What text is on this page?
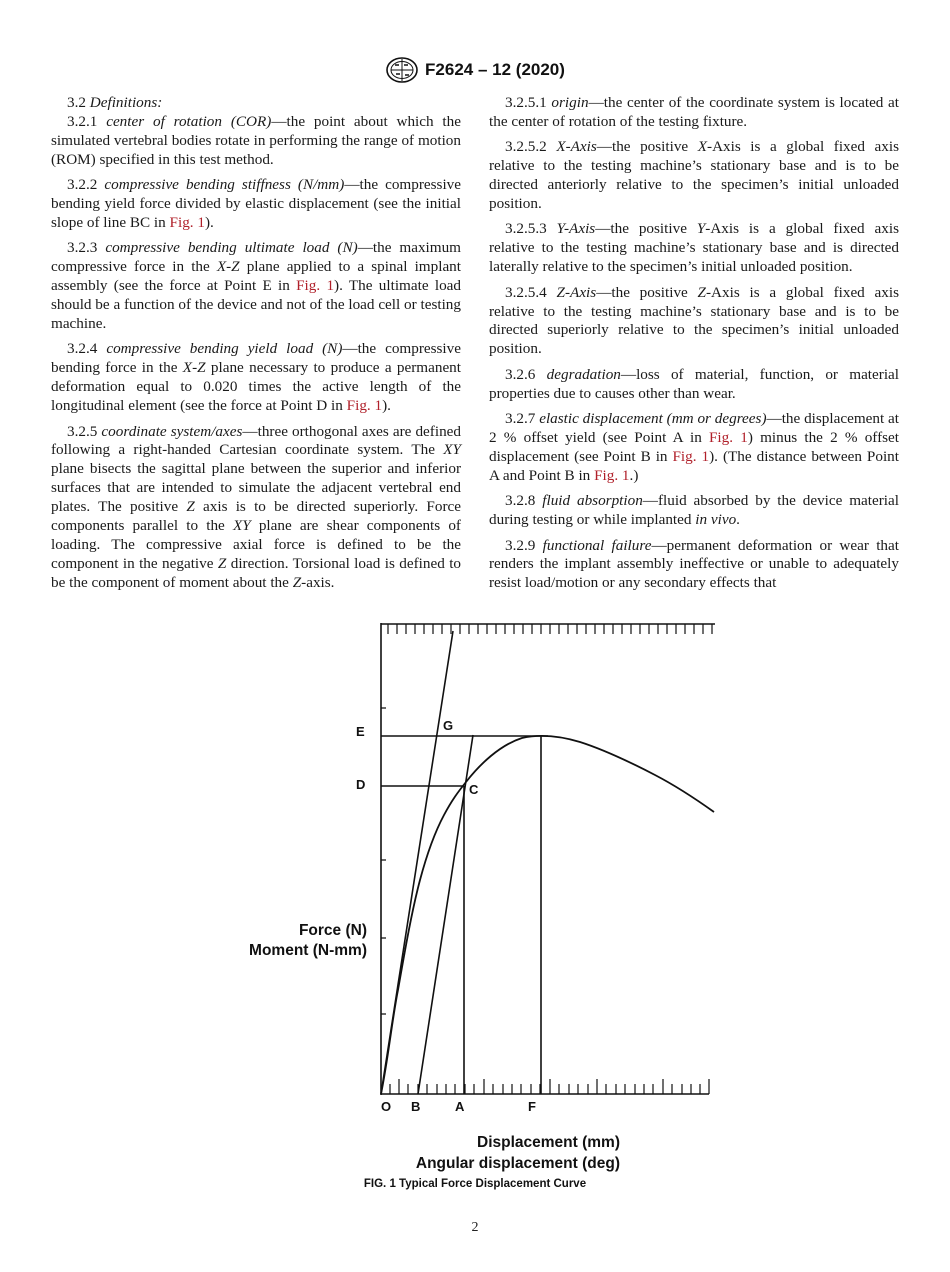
F2624 – 12 (2020)

3.2 Definitions:

3.2.1 center of rotation (COR)—the point about which the simulated vertebral bodies rotate in performing the range of motion (ROM) specified in this test method.

3.2.2 compressive bending stiffness (N/mm)—the compressive bending yield force divided by elastic displacement (see the initial slope of line BC in Fig. 1).

3.2.3 compressive bending ultimate load (N)—the maximum compressive force in the X-Z plane applied to a spinal implant assembly (see the force at Point E in Fig. 1). The ultimate load should be a function of the device and not of the load cell or testing machine.

3.2.4 compressive bending yield load (N)—the compressive bending force in the X-Z plane necessary to produce a permanent deformation equal to 0.020 times the active length of the longitudinal element (see the force at Point D in Fig. 1).

3.2.5 coordinate system/axes—three orthogonal axes are defined following a right-handed Cartesian coordinate system. The XY plane bisects the sagittal plane between the superior and inferior surfaces that are intended to simulate the adjacent vertebral end plates. The positive Z axis is to be directed superiorly. Force components parallel to the XY plane are shear components of loading. The compressive axial force is defined to be the component in the negative Z direction. Torsional load is defined to be the component of moment about the Z-axis.

3.2.5.1 origin—the center of the coordinate system is located at the center of rotation of the testing fixture.

3.2.5.2 X-Axis—the positive X-Axis is a global fixed axis relative to the testing machine’s stationary base and is to be directed anteriorly relative to the specimen’s initial unloaded position.

3.2.5.3 Y-Axis—the positive Y-Axis is a global fixed axis relative to the testing machine’s stationary base and is directed laterally relative to the specimen’s initial unloaded position.

3.2.5.4 Z-Axis—the positive Z-Axis is a global fixed axis relative to the testing machine’s stationary base and is to be directed superiorly relative to the specimen’s initial unloaded position.

3.2.6 degradation—loss of material, function, or material properties due to causes other than wear.

3.2.7 elastic displacement (mm or degrees)—the displacement at 2 % offset yield (see Point A in Fig. 1) minus the 2 % offset displacement (see Point B in Fig. 1). (The distance between Point A and Point B in Fig. 1.)

3.2.8 fluid absorption—fluid absorbed by the device material during testing or while implanted in vivo.

3.2.9 functional failure—permanent deformation or wear that renders the implant assembly ineffective or unable to adequately resist load/motion or any secondary effects that

E
D
G
C
O B	A	F
Force (N)
Moment (N-mm)
Displacement (mm)
Angular displacement (deg)
FIG. 1 Typical Force Displacement Curve
2
